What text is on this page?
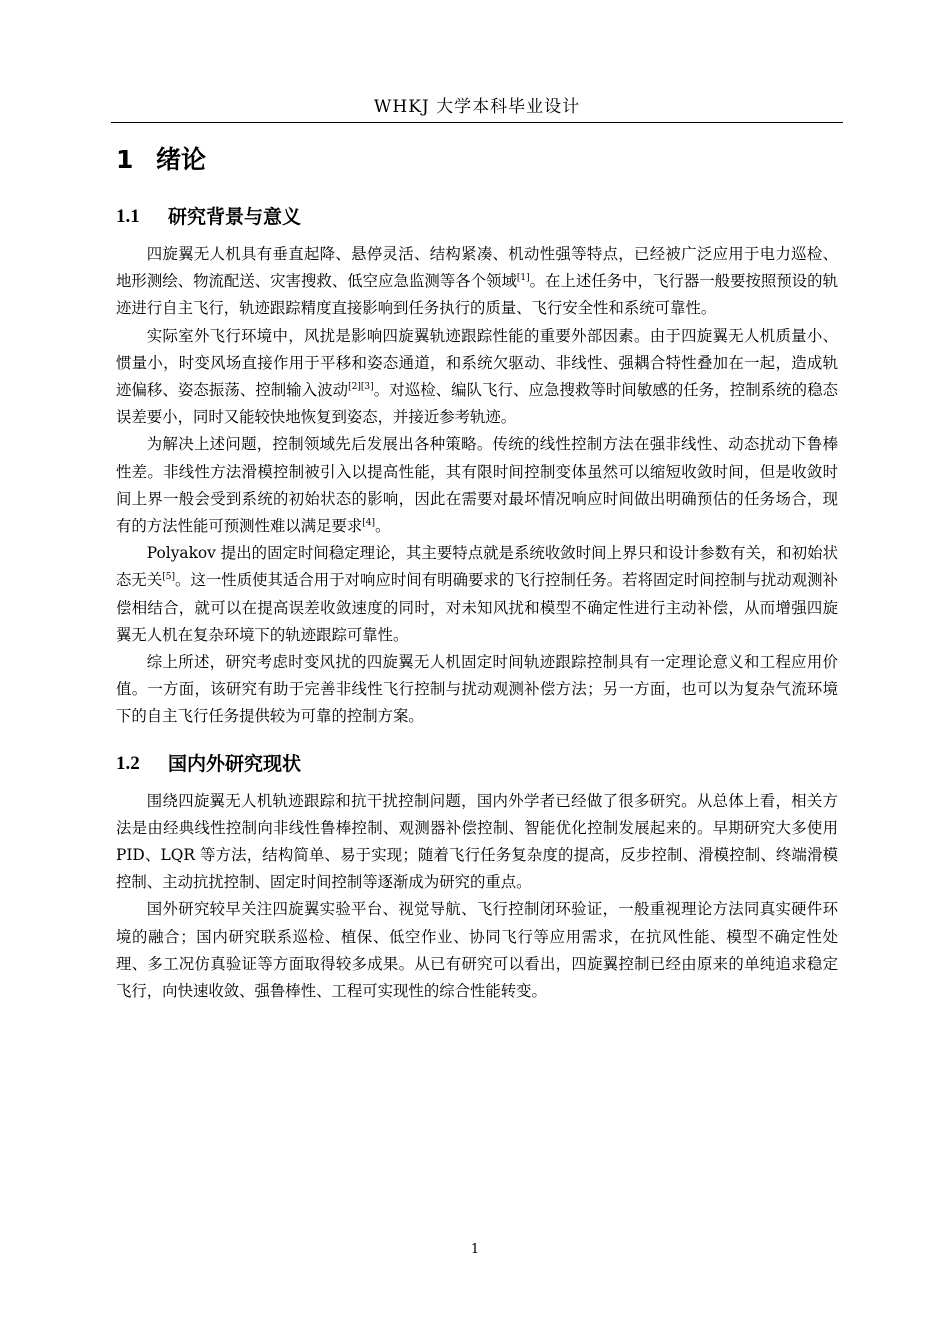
WHKJ 大学本科毕业设计
1 绪论
1.1	研究背景与意义

四旋翼无人机具有垂直起降、悬停灵活、结构紧凑、机动性强等特点，已经被广泛应用于电力巡检、地形测绘、物流配送、灾害搜救、低空应急监测等各个领域[1]。在上述任务中，飞行器一般要按照预设的轨迹进行自主飞行，轨迹跟踪精度直接影响到任务执行的质量、飞行安全性和系统可靠性。

实际室外飞行环境中，风扰是影响四旋翼轨迹跟踪性能的重要外部因素。由于四旋翼无人机质量小、惯量小，时变风场直接作用于平移和姿态通道，和系统欠驱动、非线性、强耦合特性叠加在一起，造成轨迹偏移、姿态振荡、控制输入波动[2][3]。对巡检、编队飞行、应急搜救等时间敏感的任务，控制系统的稳态误差要小，同时又能较快地恢复到姿态，并接近参考轨迹。

为解决上述问题，控制领域先后发展出各种策略。传统的线性控制方法在强非线性、动态扰动下鲁棒性差。非线性方法滑模控制被引入以提高性能，其有限时间控制变体虽然可以缩短收敛时间，但是收敛时间上界一般会受到系统的初始状态的影响，因此在需要对最坏情况响应时间做出明确预估的任务场合，现有的方法性能可预测性难以满足要求[4]。

Polyakov 提出的固定时间稳定理论，其主要特点就是系统收敛时间上界只和设计参数有关，和初始状态无关[5]。这一性质使其适合用于对响应时间有明确要求的飞行控制任务。若将固定时间控制与扰动观测补偿相结合，就可以在提高误差收敛速度的同时，对未知风扰和模型不确定性进行主动补偿，从而增强四旋翼无人机在复杂环境下的轨迹跟踪可靠性。

综上所述，研究考虑时变风扰的四旋翼无人机固定时间轨迹跟踪控制具有一定理论意义和工程应用价值。一方面，该研究有助于完善非线性飞行控制与扰动观测补偿方法；另一方面，也可以为复杂气流环境下的自主飞行任务提供较为可靠的控制方案。

1.2	国内外研究现状

围绕四旋翼无人机轨迹跟踪和抗干扰控制问题，国内外学者已经做了很多研究。从总体上看，相关方法是由经典线性控制向非线性鲁棒控制、观测器补偿控制、智能优化控制发展起来的。早期研究大多使用 PID、LQR 等方法，结构简单、易于实现；随着飞行任务复杂度的提高，反步控制、滑模控制、终端滑模控制、主动抗扰控制、固定时间控制等逐渐成为研究的重点。

国外研究较早关注四旋翼实验平台、视觉导航、飞行控制闭环验证，一般重视理论方法同真实硬件环境的融合；国内研究联系巡检、植保、低空作业、协同飞行等应用需求，在抗风性能、模型不确定性处理、多工况仿真验证等方面取得较多成果。从已有研究可以看出，四旋翼控制已经由原来的单纯追求稳定飞行，向快速收敛、强鲁棒性、工程可实现性的综合性能转变。

1
